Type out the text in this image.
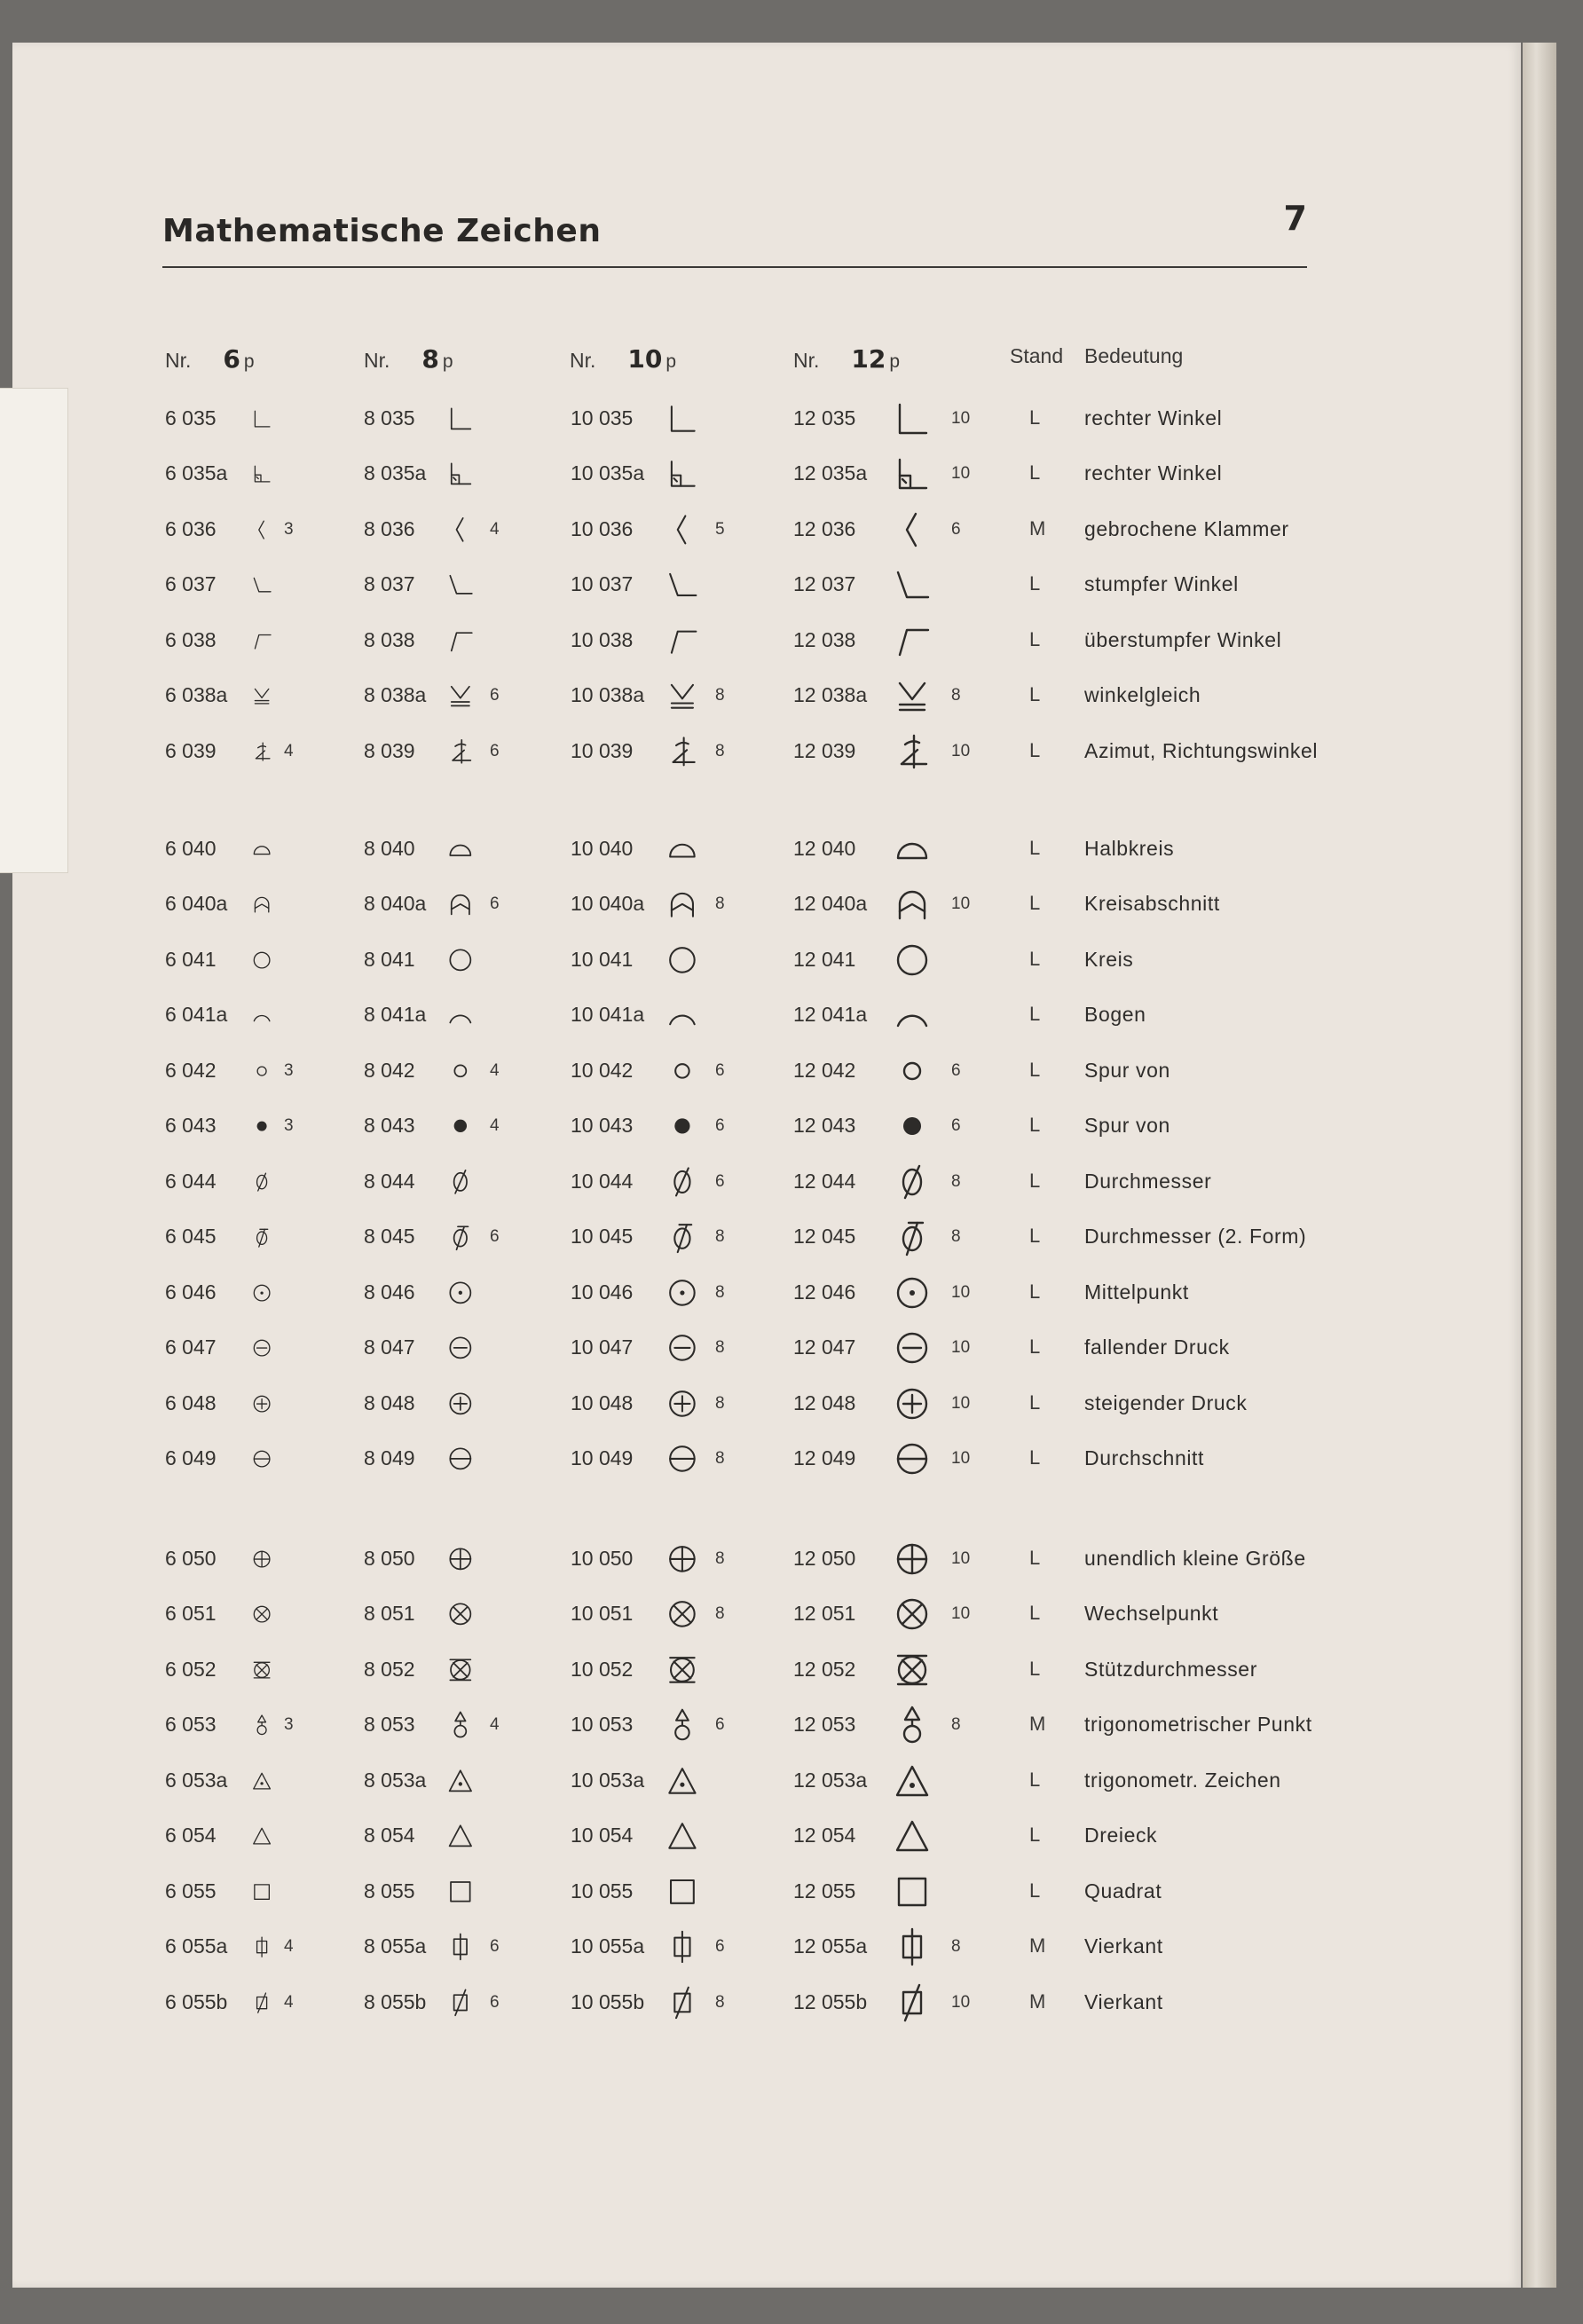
Mathematische Zeichen	7
Nr. 6 p	Nr. 8 p	Nr. 10 p	Nr. 12 p	Stand Bedeutung
6 035	8 035	10 035	12 035	10	L rechter Winkel
6 035a	8 035a	10 035a	12 035a	10	L rechter Winkel
6 036	3	8 036	4	10 036	5	12 036	6	M gebrochene Klammer
6 037	8 037	10 037	12 037	L stumpfer Winkel
6 038	8 038	10 038	12 038	L überstumpfer Winkel
6 038a	8 038a	6	10 038a	8	12 038a	8	L winkelgleich
6 039	4	8 039	6	10 039	8	12 039	10	L Azimut, Richtungswinkel
6 040	8 040	10 040	12 040	L Halbkreis
6 040a	8 040a	6	10 040a	8	12 040a	10	L Kreisabschnitt
6 041	8 041	10 041	12 041	L Kreis
6 041a	8 041a	10 041a	12 041a	L Bogen
6 042	3	8 042	4	10 042	6	12 042	6	L Spur von
6 043	3	8 043	4	10 043	6	12 043	6	L Spur von
6 044	8 044	10 044	6	12 044	8	L Durchmesser
6 045	8 045	6	10 045	8	12 045	8	L Durchmesser (2. Form)
6 046	8 046	10 046	8	12 046	10	L Mittelpunkt
6 047	8 047	10 047	8	12 047	10	L fallender Druck
6 048	8 048	10 048	8	12 048	10	L steigender Druck
6 049	8 049	10 049	8	12 049	10	L Durchschnitt
6 050	8 050	10 050	8	12 050	10	L unendlich kleine Größe
6 051	8 051	10 051	8	12 051	10	L Wechselpunkt
6 052	8 052	10 052	12 052	L Stützdurchmesser
6 053	3	8 053	4	10 053	6	12 053	8	M trigonometrischer Punkt
6 053a	8 053a	10 053a	12 053a	L trigonometr. Zeichen
6 054	8 054	10 054	12 054	L Dreieck
6 055	8 055	10 055	12 055	L Quadrat
6 055a	4	8 055a	6	10 055a	6	12 055a	8	M Vierkant
6 055b	4	8 055b	6	10 055b	8	12 055b	10	M Vierkant
